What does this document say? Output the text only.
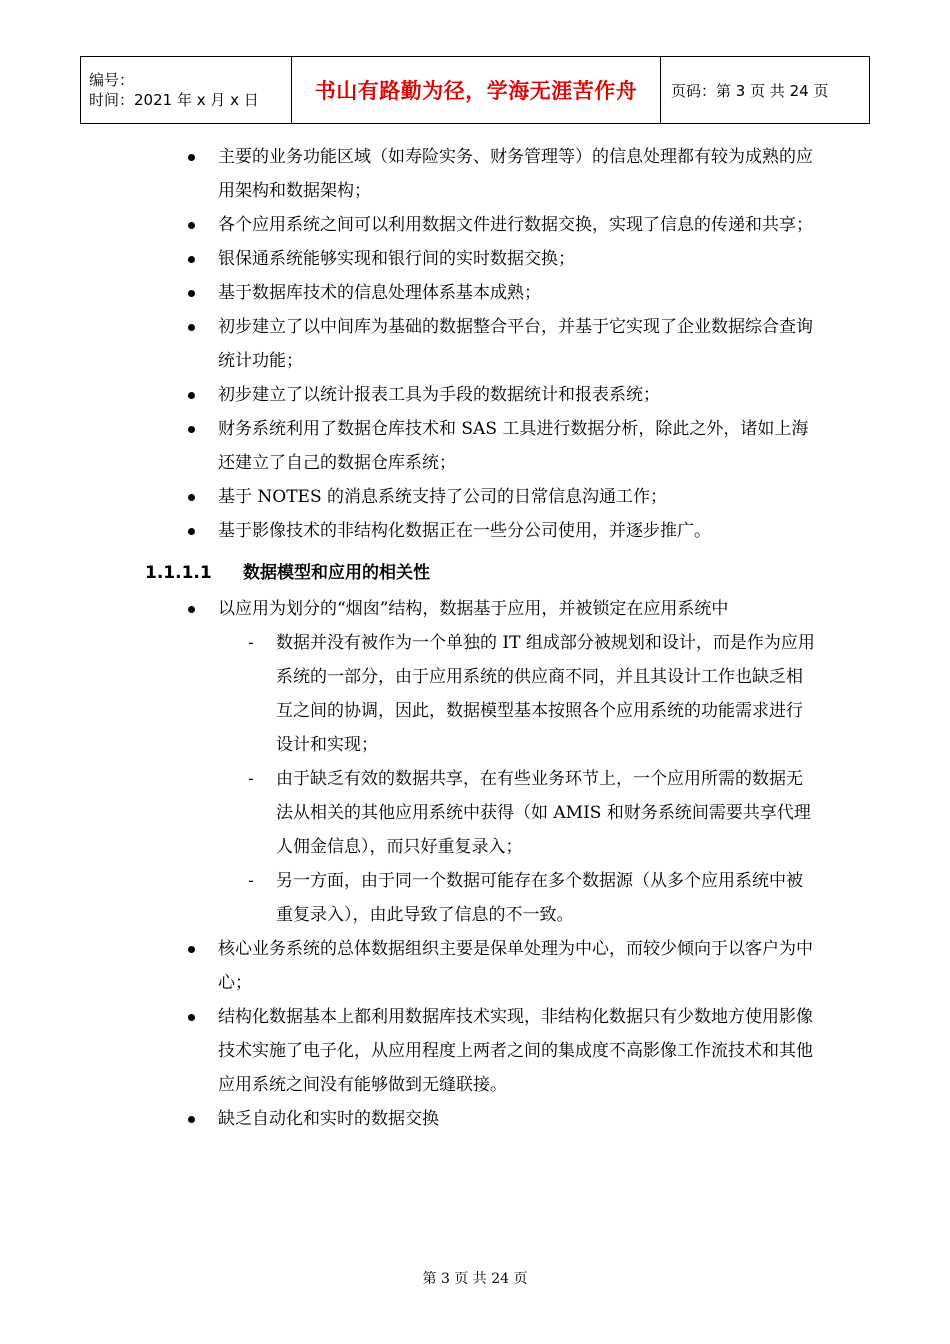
编号：
时间：2021 年 x 月 x 日	书山有路勤为径，学海无涯苦作舟	页码：第 3 页 共 24 页
主要的业务功能区域（如寿险实务、财务管理等）的信息处理都有较为成熟的应用架构和数据架构；
各个应用系统之间可以利用数据文件进行数据交换，实现了信息的传递和共享；
银保通系统能够实现和银行间的实时数据交换；
基于数据库技术的信息处理体系基本成熟；
初步建立了以中间库为基础的数据整合平台，并基于它实现了企业数据综合查询统计功能；
初步建立了以统计报表工具为手段的数据统计和报表系统；
财务系统利用了数据仓库技术和 SAS 工具进行数据分析，除此之外，诸如上海还建立了自己的数据仓库系统；
基于 NOTES 的消息系统支持了公司的日常信息沟通工作；
基于影像技术的非结构化数据正在一些分公司使用，并逐步推广。
1.1.1.1 数据模型和应用的相关性
以应用为划分的“烟囱”结构，数据基于应用，并被锁定在应用系统中
- 数据并没有被作为一个单独的 IT 组成部分被规划和设计，而是作为应用系统的一部分，由于应用系统的供应商不同，并且其设计工作也缺乏相互之间的协调，因此，数据模型基本按照各个应用系统的功能需求进行设计和实现；
- 由于缺乏有效的数据共享，在有些业务环节上，一个应用所需的数据无法从相关的其他应用系统中获得（如 AMIS 和财务系统间需要共享代理人佣金信息），而只好重复录入；
- 另一方面，由于同一个数据可能存在多个数据源（从多个应用系统中被重复录入），由此导致了信息的不一致。
核心业务系统的总体数据组织主要是保单处理为中心，而较少倾向于以客户为中心；
结构化数据基本上都利用数据库技术实现，非结构化数据只有少数地方使用影像技术实施了电子化，从应用程度上两者之间的集成度不高影像工作流技术和其他应用系统之间没有能够做到无缝联接。
缺乏自动化和实时的数据交换
第 3 页 共 24 页
